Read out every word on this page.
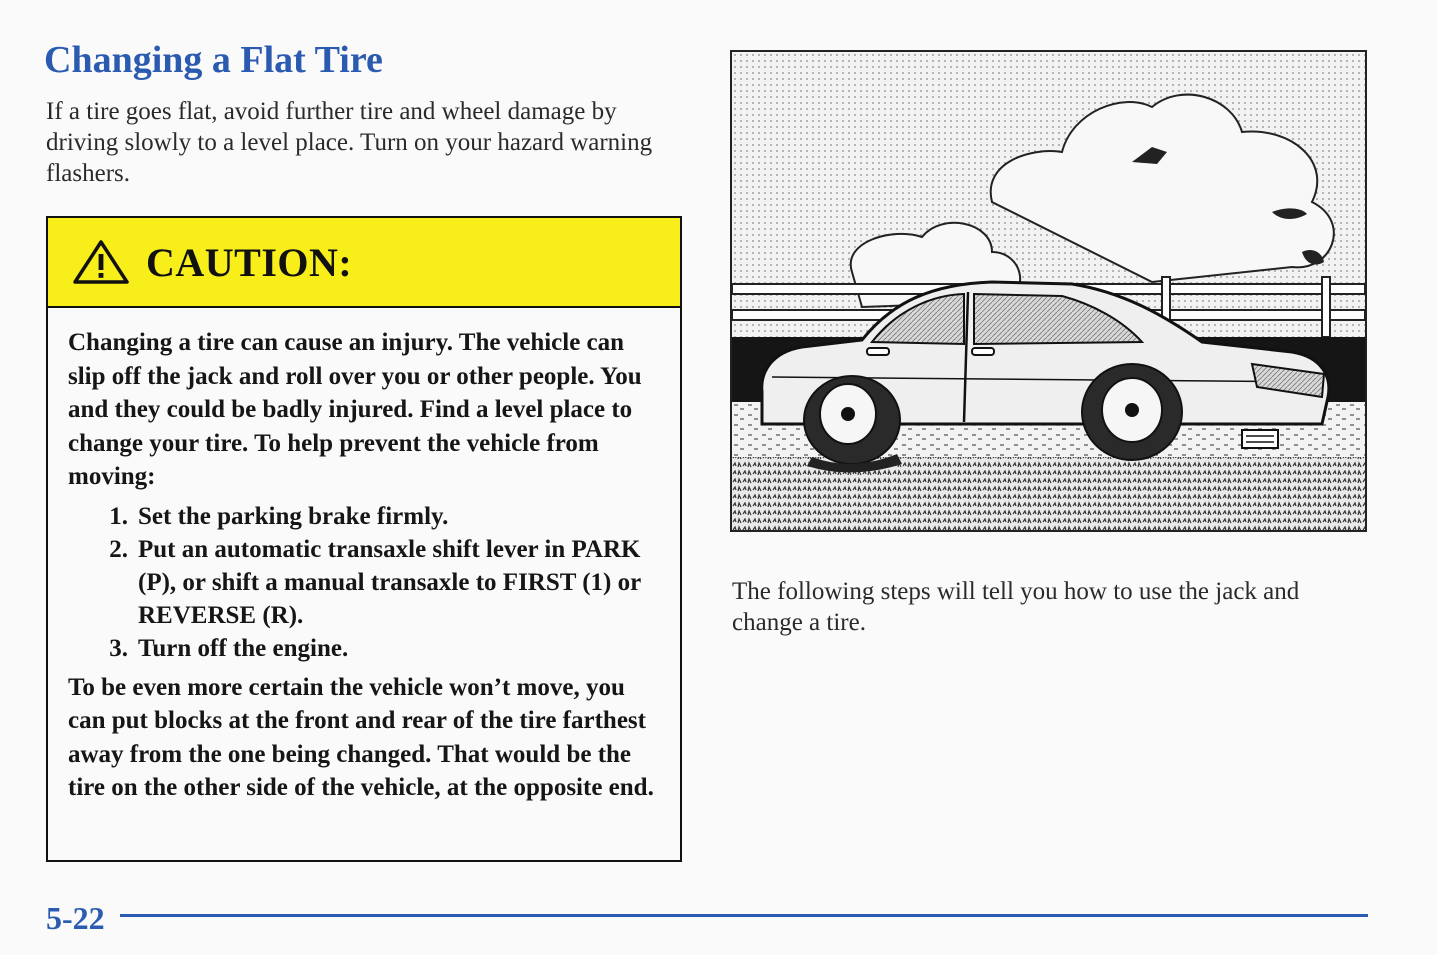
Changing a Flat Tire

If a tire goes flat, avoid further tire and wheel damage by driving slowly to a level place. Turn on your hazard warning flashers.

CAUTION:

Changing a tire can cause an injury. The vehicle can slip off the jack and roll over you or other people. You and they could be badly injured. Find a level place to change your tire. To help prevent the vehicle from moving:

1. Set the parking brake firmly.
2. Put an automatic transaxle shift lever in PARK (P), or shift a manual transaxle to FIRST (1) or REVERSE (R).
3. Turn off the engine.

To be even more certain the vehicle won’t move, you can put blocks at the front and rear of the tire farthest away from the one being changed. That would be the tire on the other side of the vehicle, at the opposite end.

The following steps will tell you how to use the jack and change a tire.

5-22
